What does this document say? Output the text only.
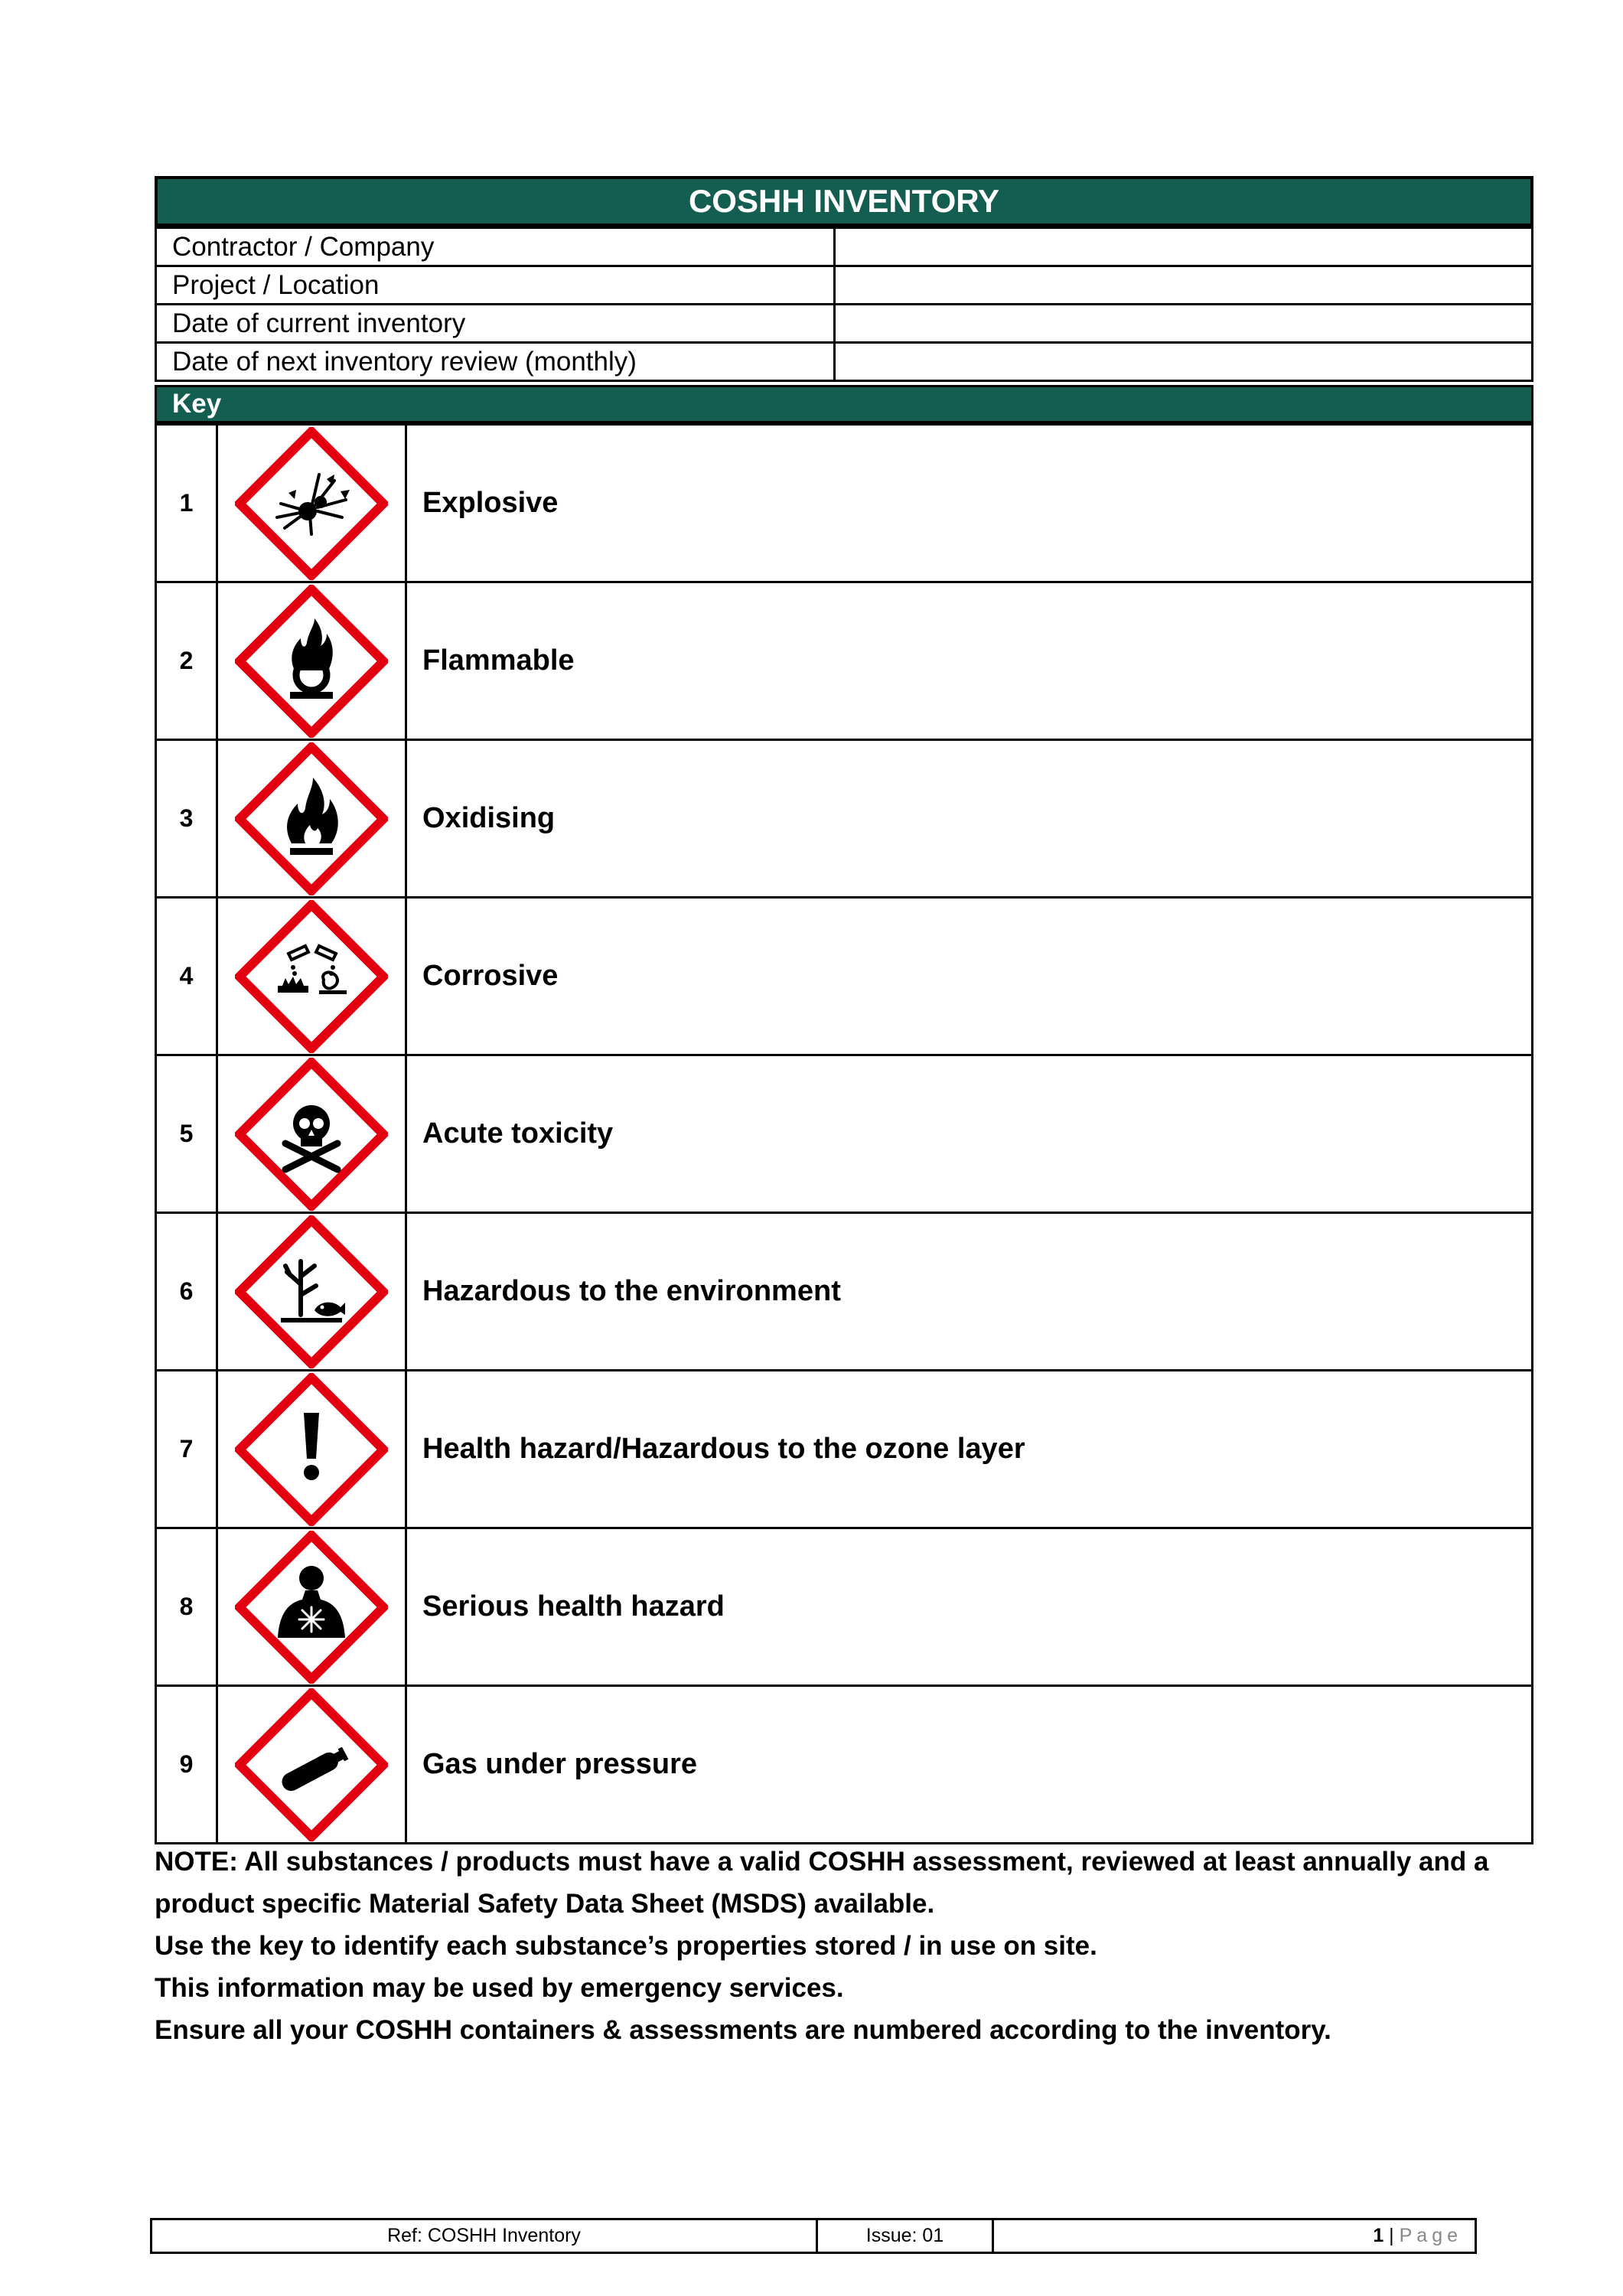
COSHH INVENTORY
Contractor / Company	
Project / Location	
Date of current inventory	
Date of next inventory review (monthly)	
Key
1		Explosive
2		Flammable
3		Oxidising
4		Corrosive
5		Acute toxicity
6		Hazardous to the environment
7		Health hazard/Hazardous to the ozone layer
8		Serious health hazard
9		Gas under pressure

NOTE: All substances / products must have a valid COSHH assessment, reviewed at least annually and a product specific Material Safety Data Sheet (MSDS) available.

Use the key to identify each substance’s properties stored / in use on site.

This information may be used by emergency services.

Ensure all your COSHH containers & assessments are numbered according to the inventory.

Ref: COSHH Inventory	Issue: 01	1 | Page
